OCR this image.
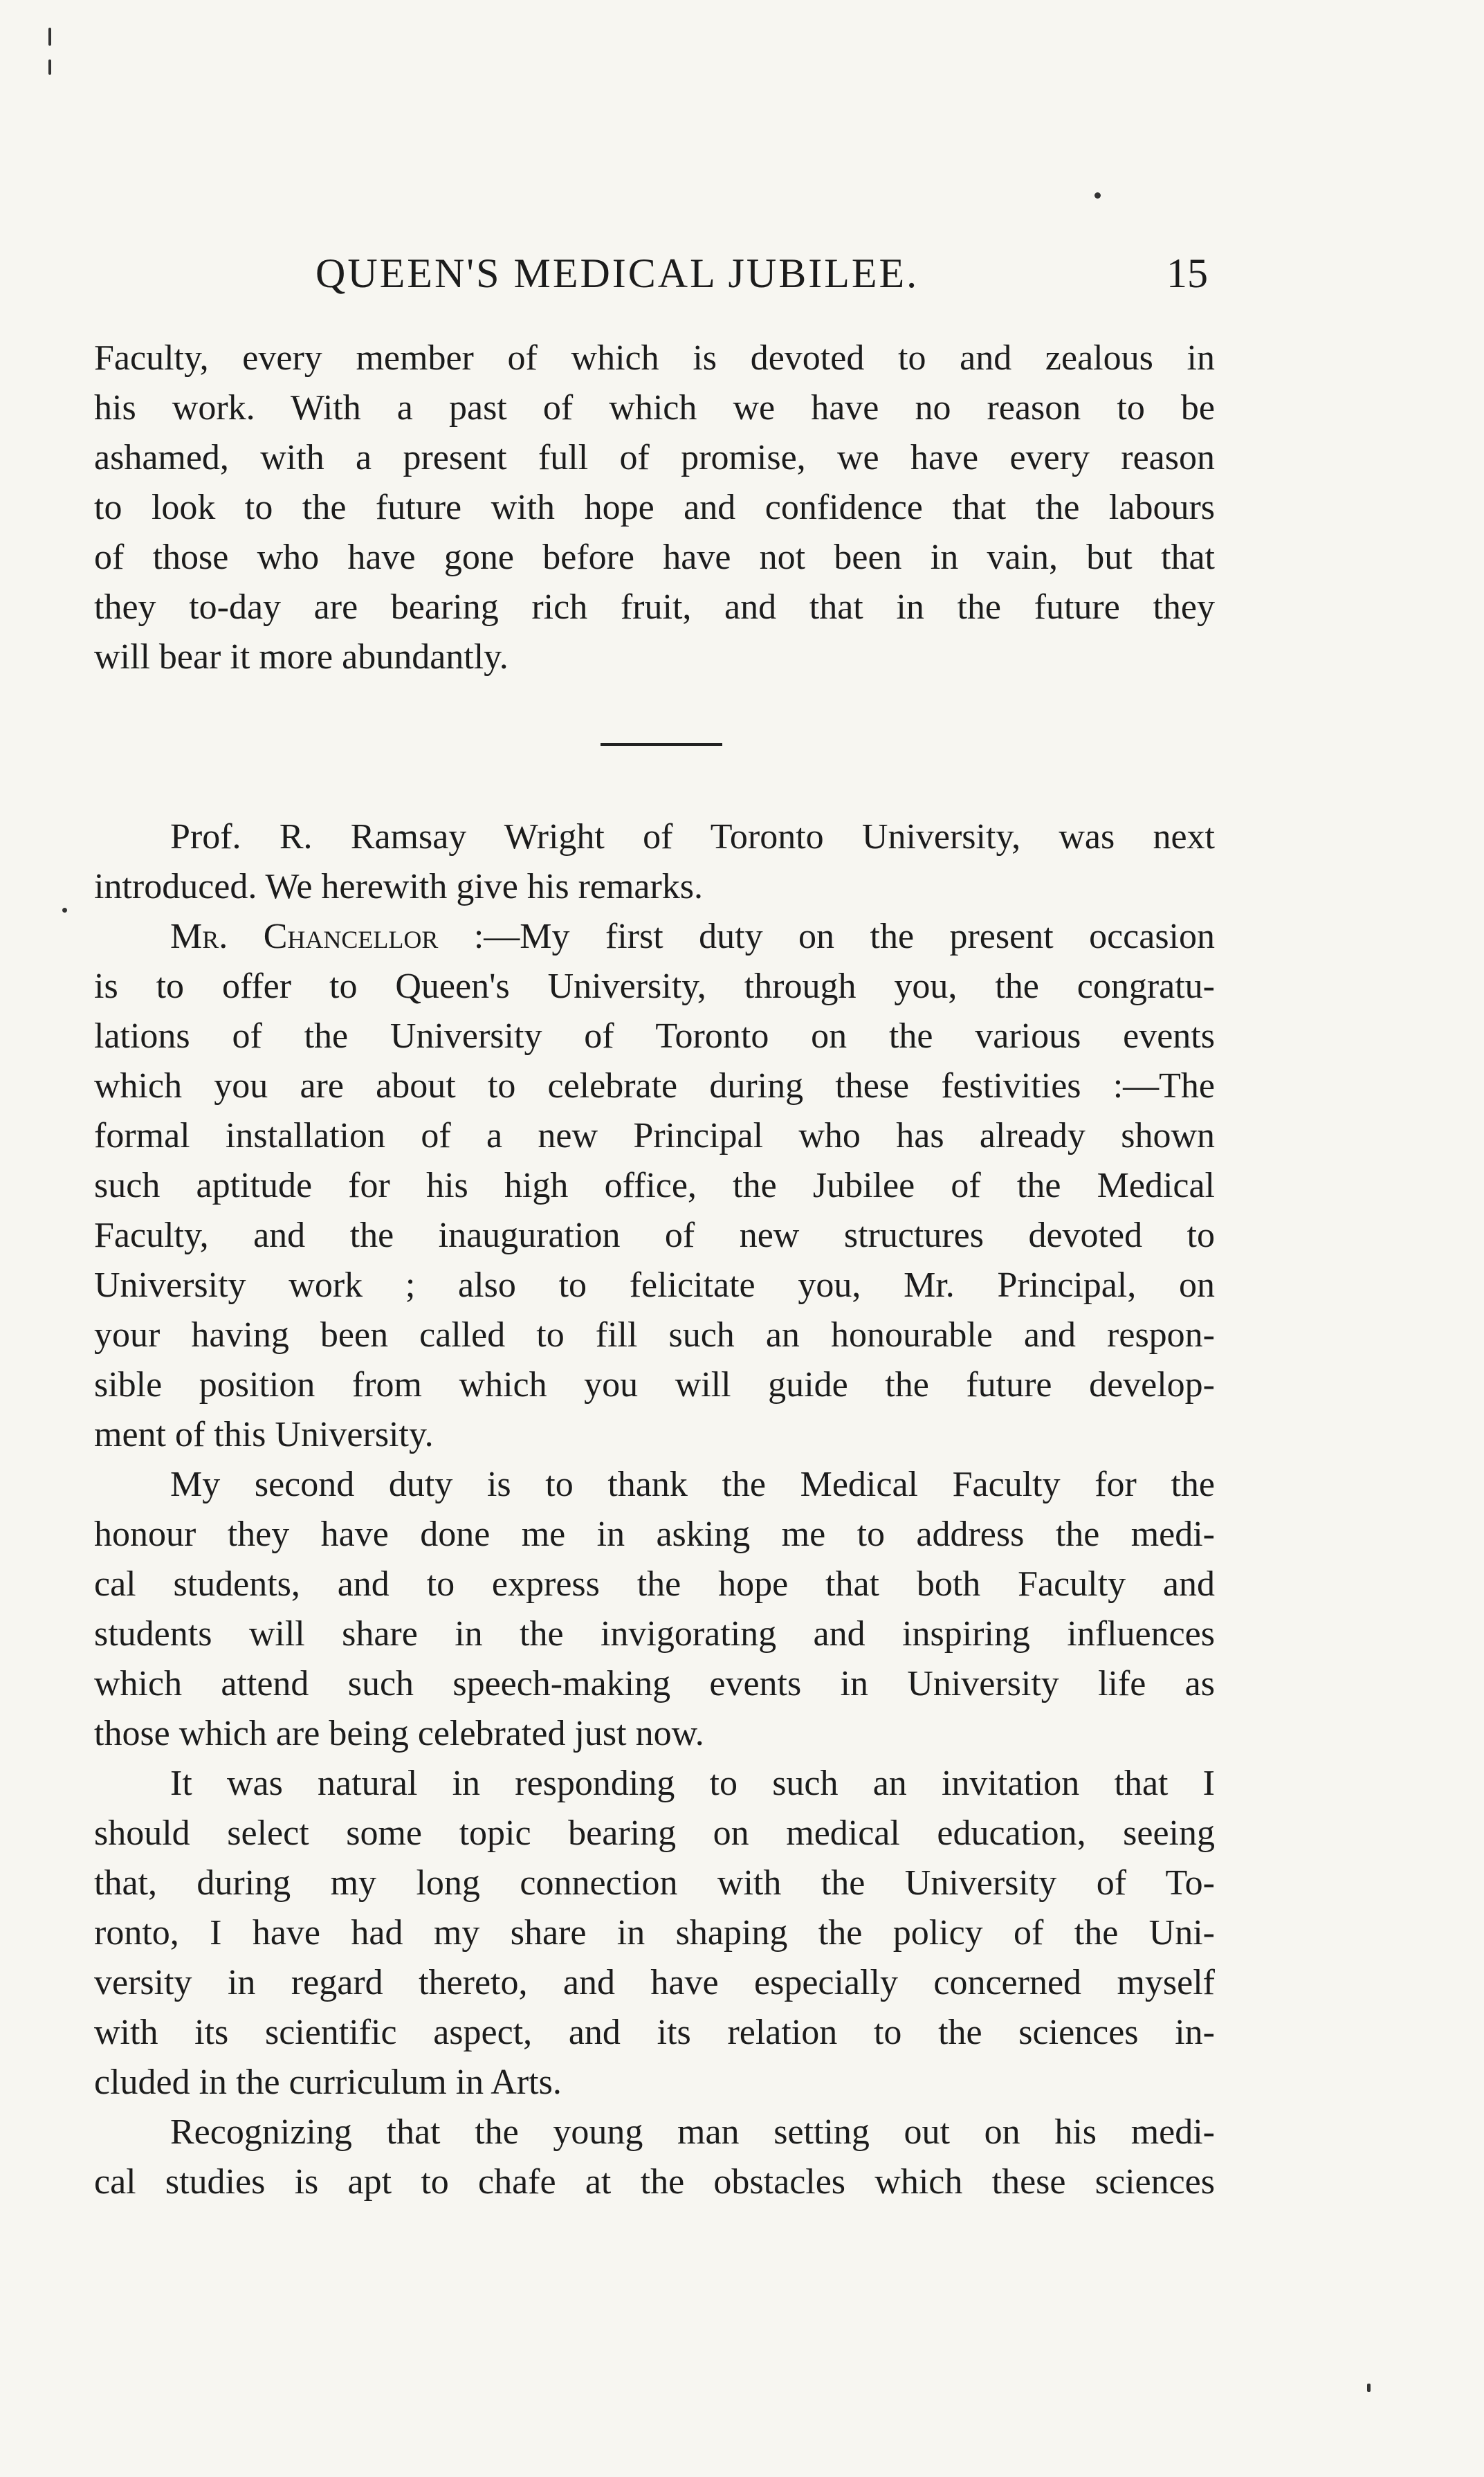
QUEEN'S MEDICAL JUBILEE.	15
Faculty, every member of which is devoted to and zealous in
his work. With a past of which we have no reason to be
ashamed, with a present full of promise, we have every reason
to look to the future with hope and confidence that the labours
of those who have gone before have not been in vain, but that
they to-day are bearing rich fruit, and that in the future they
will bear it more abundantly.
Prof. R. Ramsay Wright of Toronto University, was next
introduced. We herewith give his remarks.
Mr. Chancellor :—My first duty on the present occasion
is to offer to Queen's University, through you, the congratu-
lations of the University of Toronto on the various events
which you are about to celebrate during these festivities :—The
formal installation of a new Principal who has already shown
such aptitude for his high office, the Jubilee of the Medical
Faculty, and the inauguration of new structures devoted to
University work ; also to felicitate you, Mr. Principal, on
your having been called to fill such an honourable and respon-
sible position from which you will guide the future develop-
ment of this University.
My second duty is to thank the Medical Faculty for the
honour they have done me in asking me to address the medi-
cal students, and to express the hope that both Faculty and
students will share in the invigorating and inspiring influences
which attend such speech-making events in University life as
those which are being celebrated just now.
It was natural in responding to such an invitation that I
should select some topic bearing on medical education, seeing
that, during my long connection with the University of To-
ronto, I have had my share in shaping the policy of the Uni-
versity in regard thereto, and have especially concerned myself
with its scientific aspect, and its relation to the sciences in-
cluded in the curriculum in Arts.
Recognizing that the young man setting out on his medi-
cal studies is apt to chafe at the obstacles which these sciences
